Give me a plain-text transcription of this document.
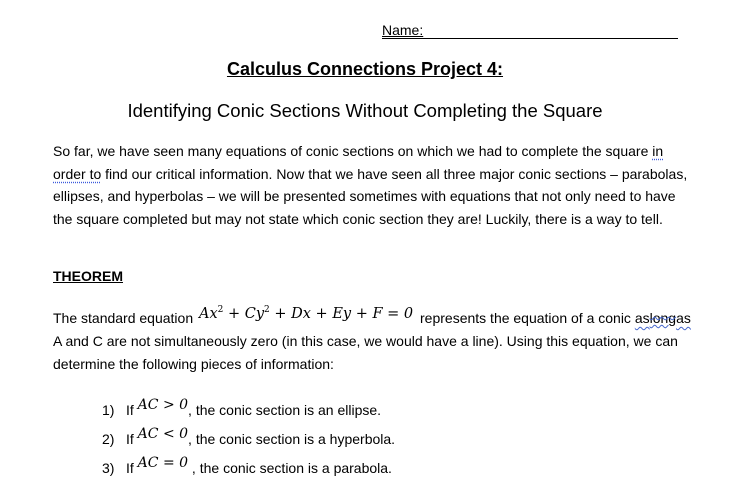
Name:
Calculus Connections Project 4:
Identifying Conic Sections Without Completing the Square
So far, we have seen many equations of conic sections on which we had to complete the square in order to find our critical information. Now that we have seen all three major conic sections – parabolas, ellipses, and hyperbolas – we will be presented sometimes with equations that not only need to have the square completed but may not state which conic section they are! Luckily, there is a way to tell.
THEOREM
The standard equation $Ax^2 + Cy^2 + Dx + Ey + F = 0$ represents the equation of a conic aslongas A and C are not simultaneously zero (in this case, we would have a line). Using this equation, we can determine the following pieces of information:
1) If AC > 0, the conic section is an ellipse.
2) If AC < 0, the conic section is a hyperbola.
3) If AC = 0 , the conic section is a parabola.
